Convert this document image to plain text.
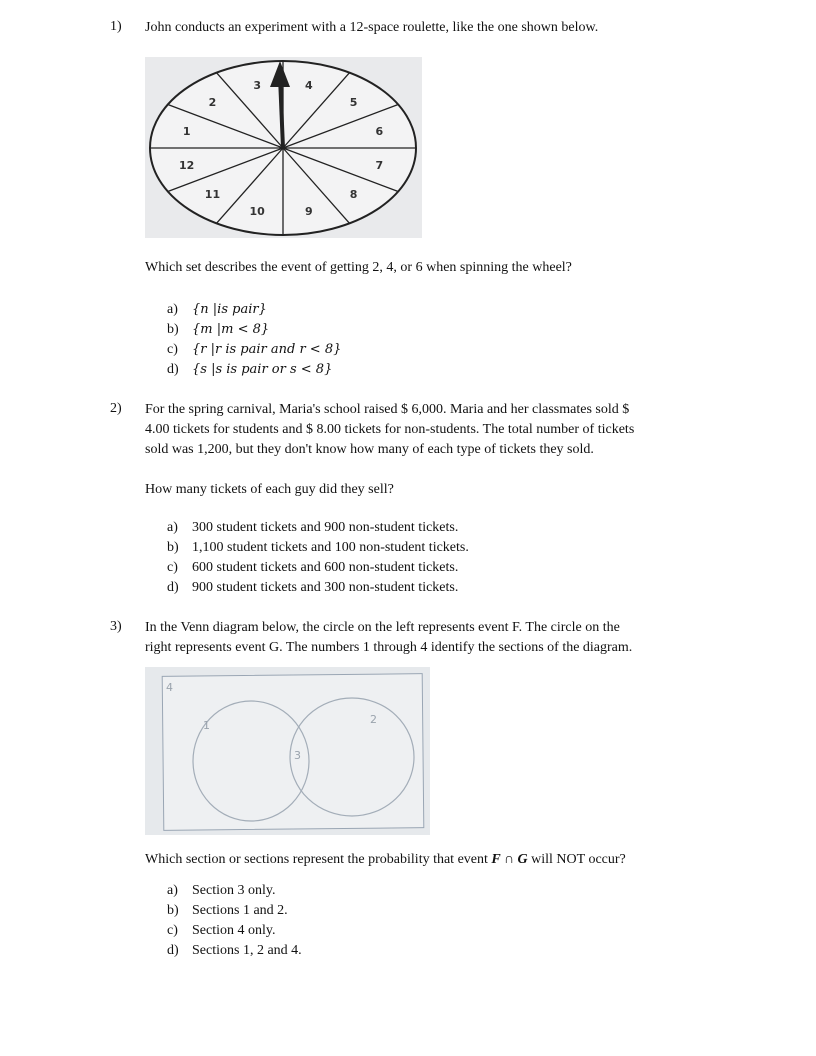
1) John conducts an experiment with a 12-space roulette, like the one shown below.
1
2
3	4
5
6
7
8
9
10
11
12
Which set describes the event of getting 2, 4, or 6 when spinning the wheel?
a) {n |is pair}
b) {m |m < 8}
c) {r |r is pair and r < 8}
d) {s |s is pair or s < 8}
2) For the spring carnival, Maria's school raised $ 6,000. Maria and her classmates sold $
4.00 tickets for students and $ 8.00 tickets for non-students. The total number of tickets
sold was 1,200, but they don't know how many of each type of tickets they sold.
How many tickets of each guy did they sell?
a) 300 student tickets and 900 non-student tickets.
b) 1,100 student tickets and 100 non-student tickets.
c) 600 student tickets and 600 non-student tickets.
d) 900 student tickets and 300 non-student tickets.
3) In the Venn diagram below, the circle on the left represents event F. The circle on the
right represents event G. The numbers 1 through 4 identify the sections of the diagram.
4
1	2
3
Which section or sections represent the probability that event F ∩ G will NOT occur?
a) Section 3 only.
b) Sections 1 and 2.
c) Section 4 only.
d) Sections 1, 2 and 4.
